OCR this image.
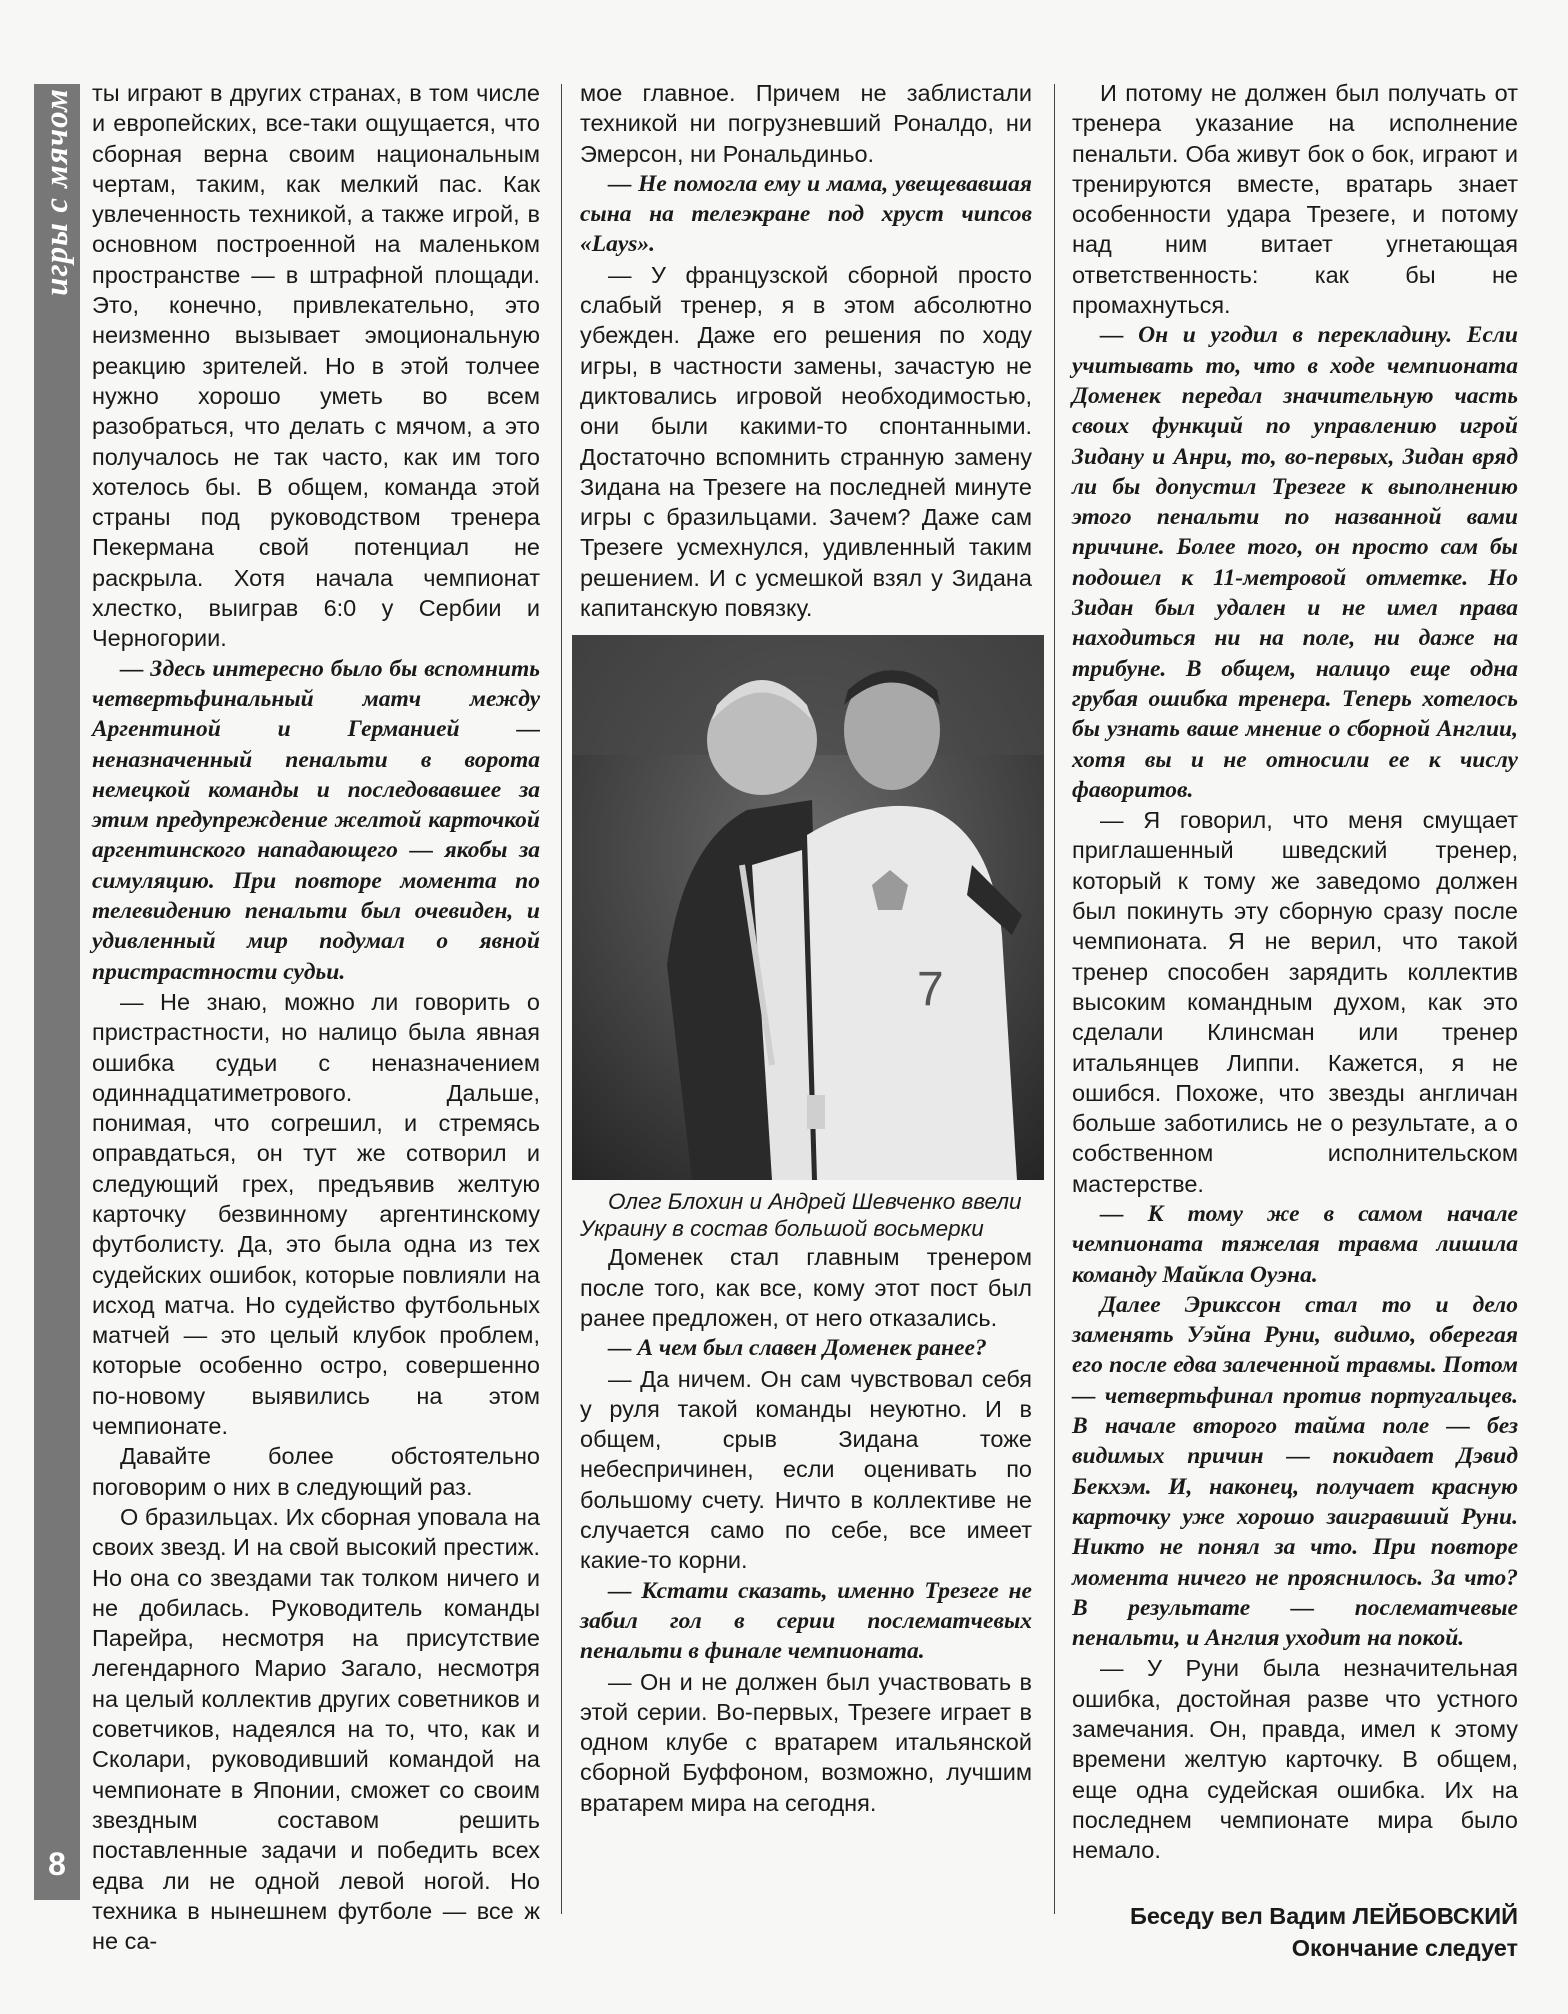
игры с мячом
8

ты играют в других странах, в том числе и европейских, все-таки ощущается, что сборная верна своим национальным чертам, таким, как мелкий пас. Как увлеченность техникой, а также игрой, в основном построенной на маленьком пространстве — в штрафной площади. Это, конечно, привлекательно, это неизменно вызывает эмоциональную реакцию зрителей. Но в этой толчее нужно хорошо уметь во всем разобраться, что делать с мячом, а это получалось не так часто, как им того хотелось бы. В общем, команда этой страны под руководством тренера Пекермана свой потенциал не раскрыла. Хотя начала чемпионат хлестко, выиграв 6:0 у Сербии и Черногории.

— Здесь интересно было бы вспомнить четвертьфинальный матч между Аргентиной и Германией — неназначенный пенальти в ворота немецкой команды и последовавшее за этим предупреждение желтой карточкой аргентинского нападающего — якобы за симуляцию. При повторе момента по телевидению пенальти был очевиден, и удивленный мир подумал о явной пристрастности судьи.

— Не знаю, можно ли говорить о пристрастности, но налицо была явная ошибка судьи с неназначением одиннадцатиметрового. Дальше, понимая, что согрешил, и стремясь оправдаться, он тут же сотворил и следующий грех, предъявив желтую карточку безвинному аргентинскому футболисту. Да, это была одна из тех судейских ошибок, которые повлияли на исход матча. Но судейство футбольных матчей — это целый клубок проблем, которые особенно остро, совершенно по-новому выявились на этом чемпионате.

Давайте более обстоятельно поговорим о них в следующий раз.

О бразильцах. Их сборная уповала на своих звезд. И на свой высокий престиж. Но она со звездами так толком ничего и не добилась. Руководитель команды Парейра, несмотря на присутствие легендарного Марио Загало, несмотря на целый коллектив других советников и советчиков, надеялся на то, что, как и Сколари, руководивший командой на чемпионате в Японии, сможет со своим звездным составом решить поставленные задачи и победить всех едва ли не одной левой ногой. Но техника в нынешнем футболе — все ж не са-

мое главное. Причем не заблистали техникой ни погрузневший Роналдо, ни Эмерсон, ни Рональдиньо.

— Не помогла ему и мама, увещевавшая сына на телеэкране под хруст чипсов «Lays».

— У французской сборной просто слабый тренер, я в этом абсолютно убежден. Даже его решения по ходу игры, в частности замены, зачастую не диктовались игровой необходимостью, они были какими-то спонтанными. Достаточно вспомнить странную замену Зидана на Трезеге на последней минуте игры с бразильцами. Зачем? Даже сам Трезеге усмехнулся, удивленный таким решением. И с усмешкой взял у Зидана капитанскую повязку.

7

Олег Блохин и Андрей Шевченко ввели Украину в состав большой восьмерки

Доменек стал главным тренером после того, как все, кому этот пост был ранее предложен, от него отказались.

— А чем был славен Доменек ранее?

— Да ничем. Он сам чувствовал себя у руля такой команды неуютно. И в общем, срыв Зидана тоже небеспричинен, если оценивать по большому счету. Ничто в коллективе не случается само по себе, все имеет какие-то корни.

— Кстати сказать, именно Трезеге не забил гол в серии послематчевых пенальти в финале чемпионата.

— Он и не должен был участвовать в этой серии. Во-первых, Трезеге играет в одном клубе с вратарем итальянской сборной Буффоном, возможно, лучшим вратарем мира на сегодня.

И потому не должен был получать от тренера указание на исполнение пенальти. Оба живут бок о бок, играют и тренируются вместе, вратарь знает особенности удара Трезеге, и потому над ним витает угнетающая ответственность: как бы не промахнуться.

— Он и угодил в перекладину. Если учитывать то, что в ходе чемпионата Доменек передал значительную часть своих функций по управлению игрой Зидану и Анри, то, во-первых, Зидан вряд ли бы допустил Трезеге к выполнению этого пенальти по названной вами причине. Более того, он просто сам бы подошел к 11-метровой отметке. Но Зидан был удален и не имел права находиться ни на поле, ни даже на трибуне. В общем, налицо еще одна грубая ошибка тренера. Теперь хотелось бы узнать ваше мнение о сборной Англии, хотя вы и не относили ее к числу фаворитов.

— Я говорил, что меня смущает приглашенный шведский тренер, который к тому же заведомо должен был покинуть эту сборную сразу после чемпионата. Я не верил, что такой тренер способен зарядить коллектив высоким командным духом, как это сделали Клинсман или тренер итальянцев Липпи. Кажется, я не ошибся. Похоже, что звезды англичан больше заботились не о результате, а о собственном исполнительском мастерстве.

— К тому же в самом начале чемпионата тяжелая травма лишила команду Майкла Оуэна.

Далее Эрикссон стал то и дело заменять Уэйна Руни, видимо, оберегая его после едва залеченной травмы. Потом — четвертьфинал против португальцев. В начале второго тайма поле — без видимых причин — покидает Дэвид Бекхэм. И, наконец, получает красную карточку уже хорошо заигравший Руни. Никто не понял за что. При повторе момента ничего не прояснилось. За что? В результате — послематчевые пенальти, и Англия уходит на покой.

— У Руни была незначительная ошибка, достойная разве что устного замечания. Он, правда, имел к этому времени желтую карточку. В общем, еще одна судейская ошибка. Их на последнем чемпионате мира было немало.

Беседу вел Вадим ЛЕЙБОВСКИЙ
Окончание следует
